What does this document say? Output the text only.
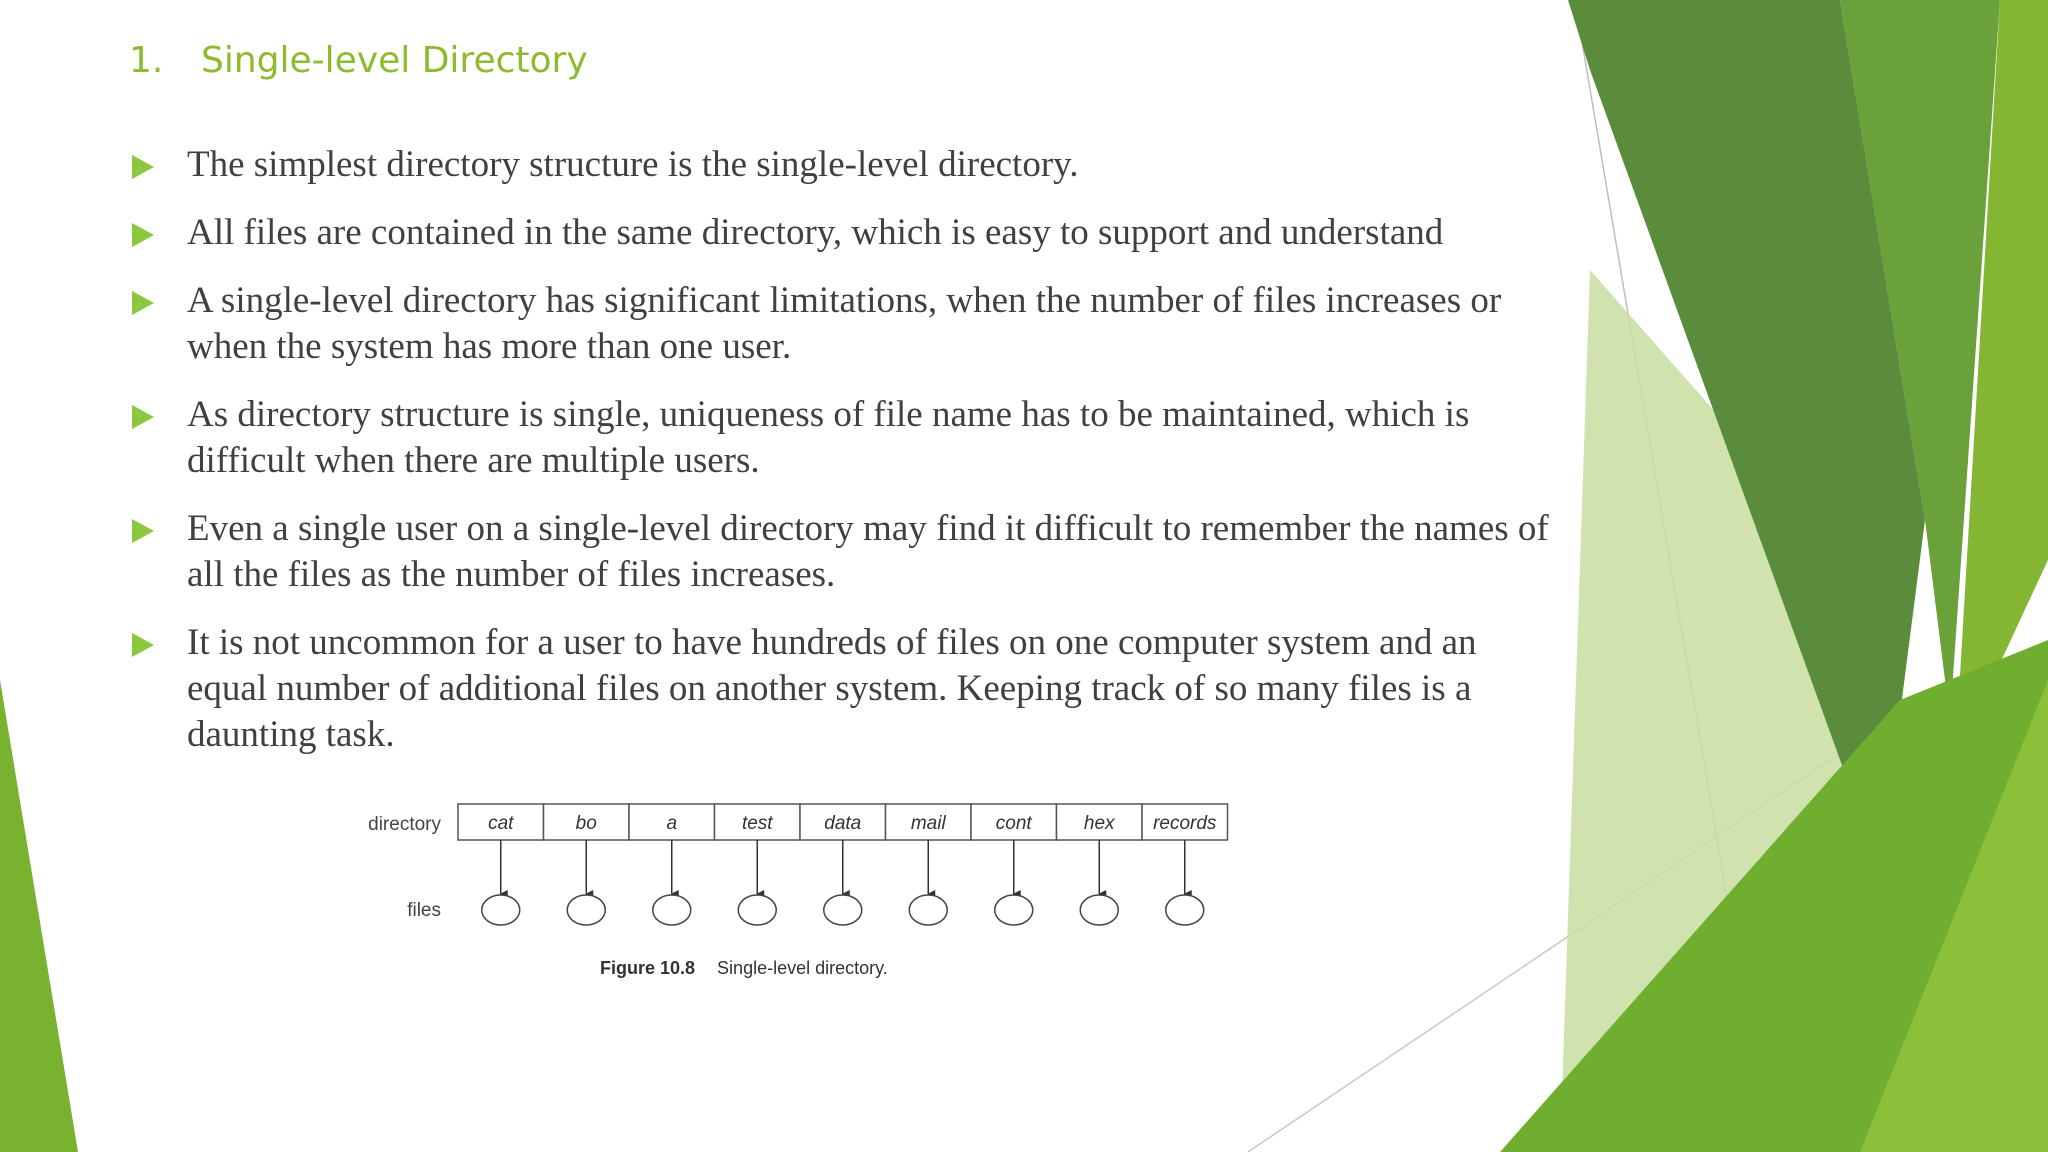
1. Single-level Directory
The simplest directory structure is the single-level directory.
All files are contained in the same directory, which is easy to support and understand
A single-level directory has significant limitations, when the number of files increases or when the system has more than one user.
As directory structure is single, uniqueness of file name has to be maintained, which is difficult when there are multiple users.
Even a single user on a single-level directory may find it difficult to remember the names of all the files as the number of files increases.
It is not uncommon for a user to have hundreds of files on one computer system and an equal number of additional files on another system. Keeping track of so many files is a daunting task.
directory
files
cat	bo	a	test	data	mail	cont	hex records
Figure 10.8 Single-level directory.
